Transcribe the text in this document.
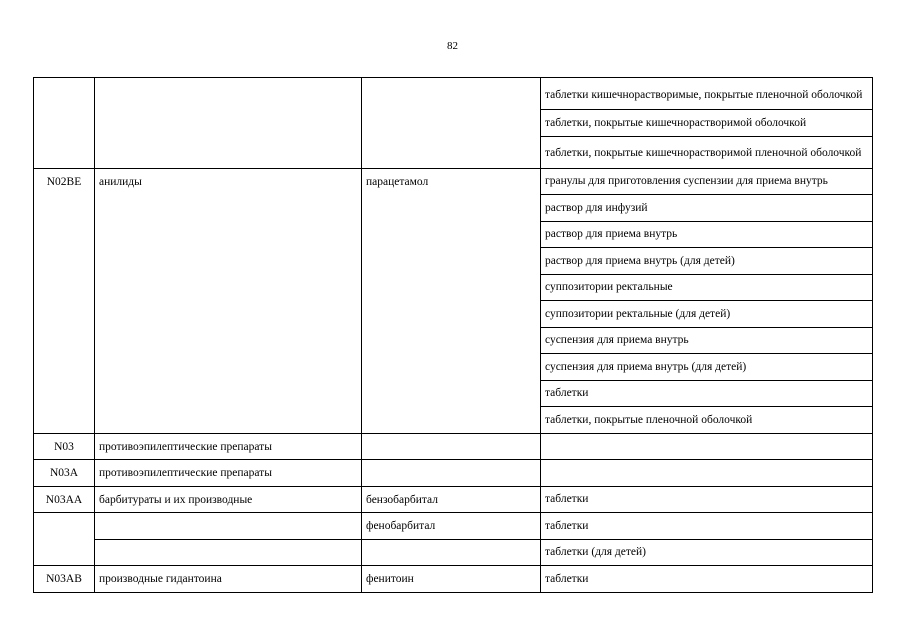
82
			таблетки кишечнорастворимые, покрытые пленочной оболочкой
			таблетки, покрытые кишечнорастворимой оболочкой
			таблетки, покрытые кишечнорастворимой пленочной оболочкой
N02BE	анилиды	парацетамол	гранулы для приготовления суспензии для приема внутрь
			раствор для инфузий
			раствор для приема внутрь
			раствор для приема внутрь (для детей)
			суппозитории ректальные
			суппозитории ректальные (для детей)
			суспензия для приема внутрь
			суспензия для приема внутрь (для детей)
			таблетки
			таблетки, покрытые пленочной оболочкой
N03	противоэпилептические препараты		
N03A	противоэпилептические препараты		
N03AA	барбитураты и их производные	бензобарбитал	таблетки
		фенобарбитал	таблетки
			таблетки (для детей)
N03AB	производные гидантоина	фенитоин	таблетки
